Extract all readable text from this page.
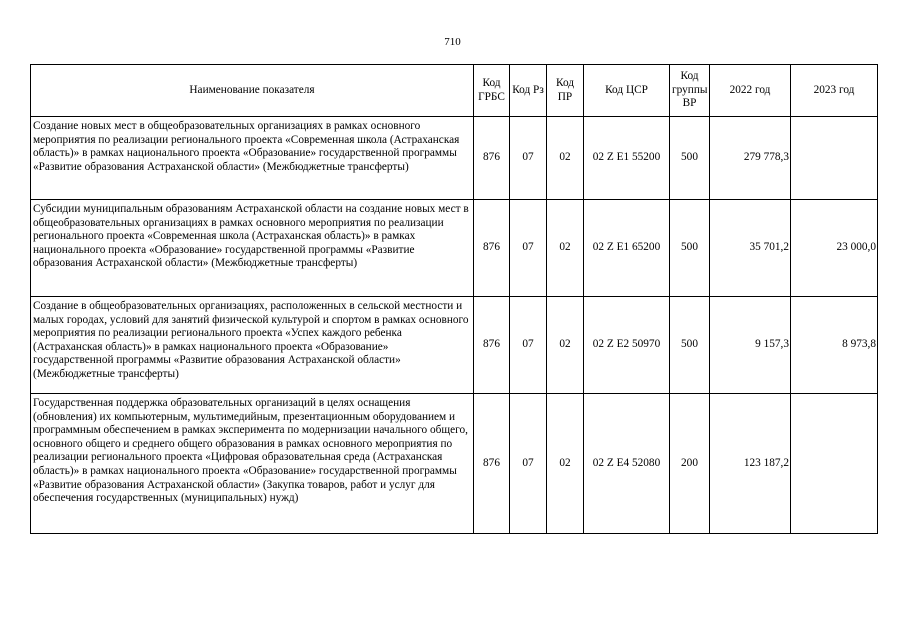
710
Наименование показателя	Код ГРБС	Код Рз	Код ПР	Код ЦСР	Код группы ВР	2022 год	2023 год
Создание новых мест в общеобразовательных организациях в рамках основного мероприятия по реализации регионального проекта «Современная школа (Астраханская область)» в рамках национального проекта «Образование» государственной программы «Развитие образования Астраханской области» (Межбюджетные трансферты)	876	07	02	02 Z E1 55200	500	279 778,3	
Субсидии муниципальным образованиям Астраханской области на создание новых мест в общеобразовательных организациях в рамках основного мероприятия по реализации регионального проекта «Современная школа (Астраханская область)» в рамках национального проекта «Образование» государственной программы «Развитие образования Астраханской области» (Межбюджетные трансферты)	876	07	02	02 Z E1 65200	500	35 701,2	23 000,0
Создание в общеобразовательных организациях, расположенных в сельской местности и малых городах, условий для занятий физической культурой и спортом в рамках основного мероприятия по реализации регионального проекта «Успех каждого ребенка (Астраханская область)» в рамках национального проекта «Образование» государственной программы «Развитие образования Астраханской области» (Межбюджетные трансферты)	876	07	02	02 Z E2 50970	500	9 157,3	8 973,8
Государственная поддержка образовательных организаций в целях оснащения (обновления) их компьютерным, мультимедийным, презентационным оборудованием и программным обеспечением в рамках эксперимента по модернизации начального общего, основного общего и среднего общего образования в рамках основного мероприятия по реализации регионального проекта «Цифровая образовательная среда (Астраханская область)» в рамках национального проекта «Образование» государственной программы «Развитие образования Астраханской области» (Закупка товаров, работ и услуг для обеспечения государственных (муниципальных) нужд)	876	07	02	02 Z E4 52080	200	123 187,2	
